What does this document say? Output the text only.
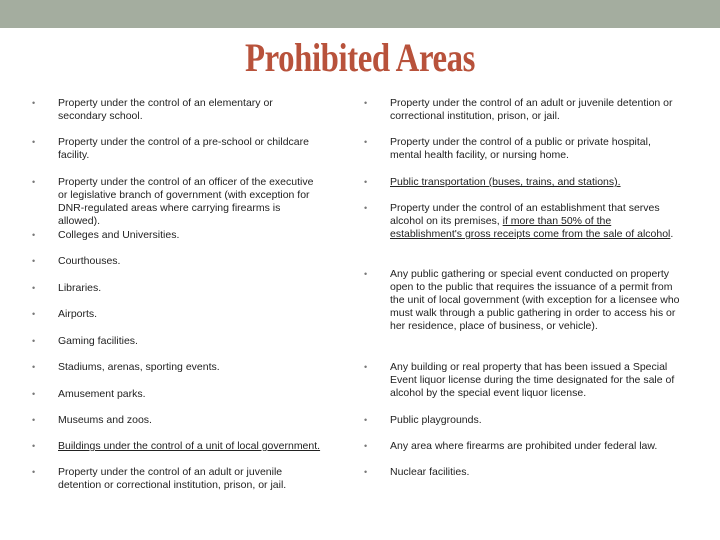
Prohibited Areas
• Property under the control of an elementary or secondary school.
• Property under the control of a pre-school or childcare facility.
• Property under the control of an officer of the executive or legislative branch of government (with exception for DNR-regulated areas where carrying firearms is allowed).
• Colleges and Universities.
• Courthouses.
• Libraries.
• Airports.
• Gaming facilities.
• Stadiums, arenas, sporting events.
• Amusement parks.
• Museums and zoos.
• Buildings under the control of a unit of local government.
• Property under the control of an adult or juvenile detention or correctional institution, prison, or jail.
• Property under the control of an adult or juvenile detention or correctional institution, prison, or jail.
• Property under the control of a public or private hospital, mental health facility, or nursing home.
• Public transportation (buses, trains, and stations).
• Property under the control of an establishment that serves alcohol on its premises, if more than 50% of the establishment's gross receipts come from the sale of alcohol.
• Any public gathering or special event conducted on property open to the public that requires the issuance of a permit from the unit of local government (with exception for a licensee who must walk through a public gathering in order to access his or her residence, place of business, or vehicle).
• Any building or real property that has been issued a Special Event liquor license during the time designated for the sale of alcohol by the special event liquor license.
• Public playgrounds.
• Any area where firearms are prohibited under federal law.
• Nuclear facilities.
